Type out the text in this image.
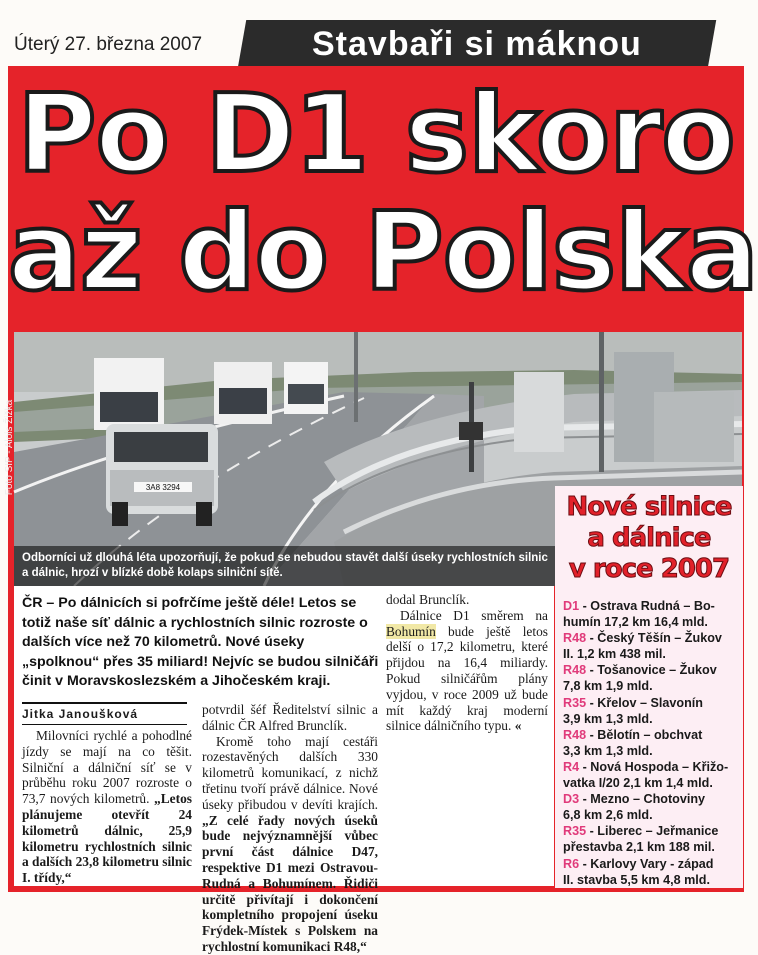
Úterý 27. března 2007	Stavbaři si máknou
Po D1 skoro
až do Polska
3A8 3294
Foto SIP - Alois Žižka
Odborníci už dlouhá léta upozorňují, že pokud se nebudou stavět další úseky rychlostních silnic a dálnic, hrozí v blízké době kolaps silniční sítě.
ČR – Po dálnicích si pofrčíme ještě déle! Letos se totiž naše síť dálnic a rychlostních silnic rozroste o dalších více než 70 kilometrů. Nové úseky „spolknou“ přes 35 miliard! Nejvíc se budou silničáři činit v Moravskoslezském a Jihočeském kraji.
Jitka Janoušková

Milovníci rychlé a pohodlné jízdy se mají na co těšit. Silniční a dálniční síť se v průběhu roku 2007 rozroste o 73,7 nových kilometrů. „Letos plánujeme otevřít 24 kilometrů dálnic, 25,9 kilometru rychlostních silnic a dalších 23,8 kilometru silnic I. třídy,“

potvrdil šéf Ředitelství silnic a dálnic ČR Alfred Brunclík.

Kromě toho mají cestáři rozestavěných dalších 330 kilometrů komunikací, z nichž třetinu tvoří právě dálnice. Nové úseky přibudou v devíti krajích. „Z celé řady nových úseků bude nejvýznamnější vůbec první část dálnice D47, respektive D1 mezi Ostravou-Rudná a Bohumínem. Řidiči určitě přivítají i dokončení kompletního propojení úseku Frýdek-Místek s Polskem na rychlostní komunikaci R48,“

dodal Brunclík.

Dálnice D1 směrem na Bohumín bude ještě letos delší o 17,2 kilometru, které přijdou na 16,4 miliardy. Pokud silničářům plány vyjdou, v roce 2009 už bude mít každý kraj moderní silnice dálničního typu. «

Nové silnice
a dálnice
v roce 2007
D1 - Ostrava Rudná – Bo-
humín 17,2 km 16,4 mld.
R48 - Český Těšín – Žukov
II. 1,2 km 438 mil.
R48 - Tošanovice – Žukov
7,8 km 1,9 mld.
R35 - Křelov – Slavonín
3,9 km 1,3 mld.
R48 - Bělotín – obchvat
3,3 km 1,3 mld.
R4 - Nová Hospoda – Křižo-
vatka I/20 2,1 km 1,4 mld.
D3 - Mezno – Chotoviny
6,8 km 2,6 mld.
R35 - Liberec – Jeřmanice
přestavba 2,1 km 188 mil.
R6 - Karlovy Vary - západ
II. stavba 5,5 km 4,8 mld.
